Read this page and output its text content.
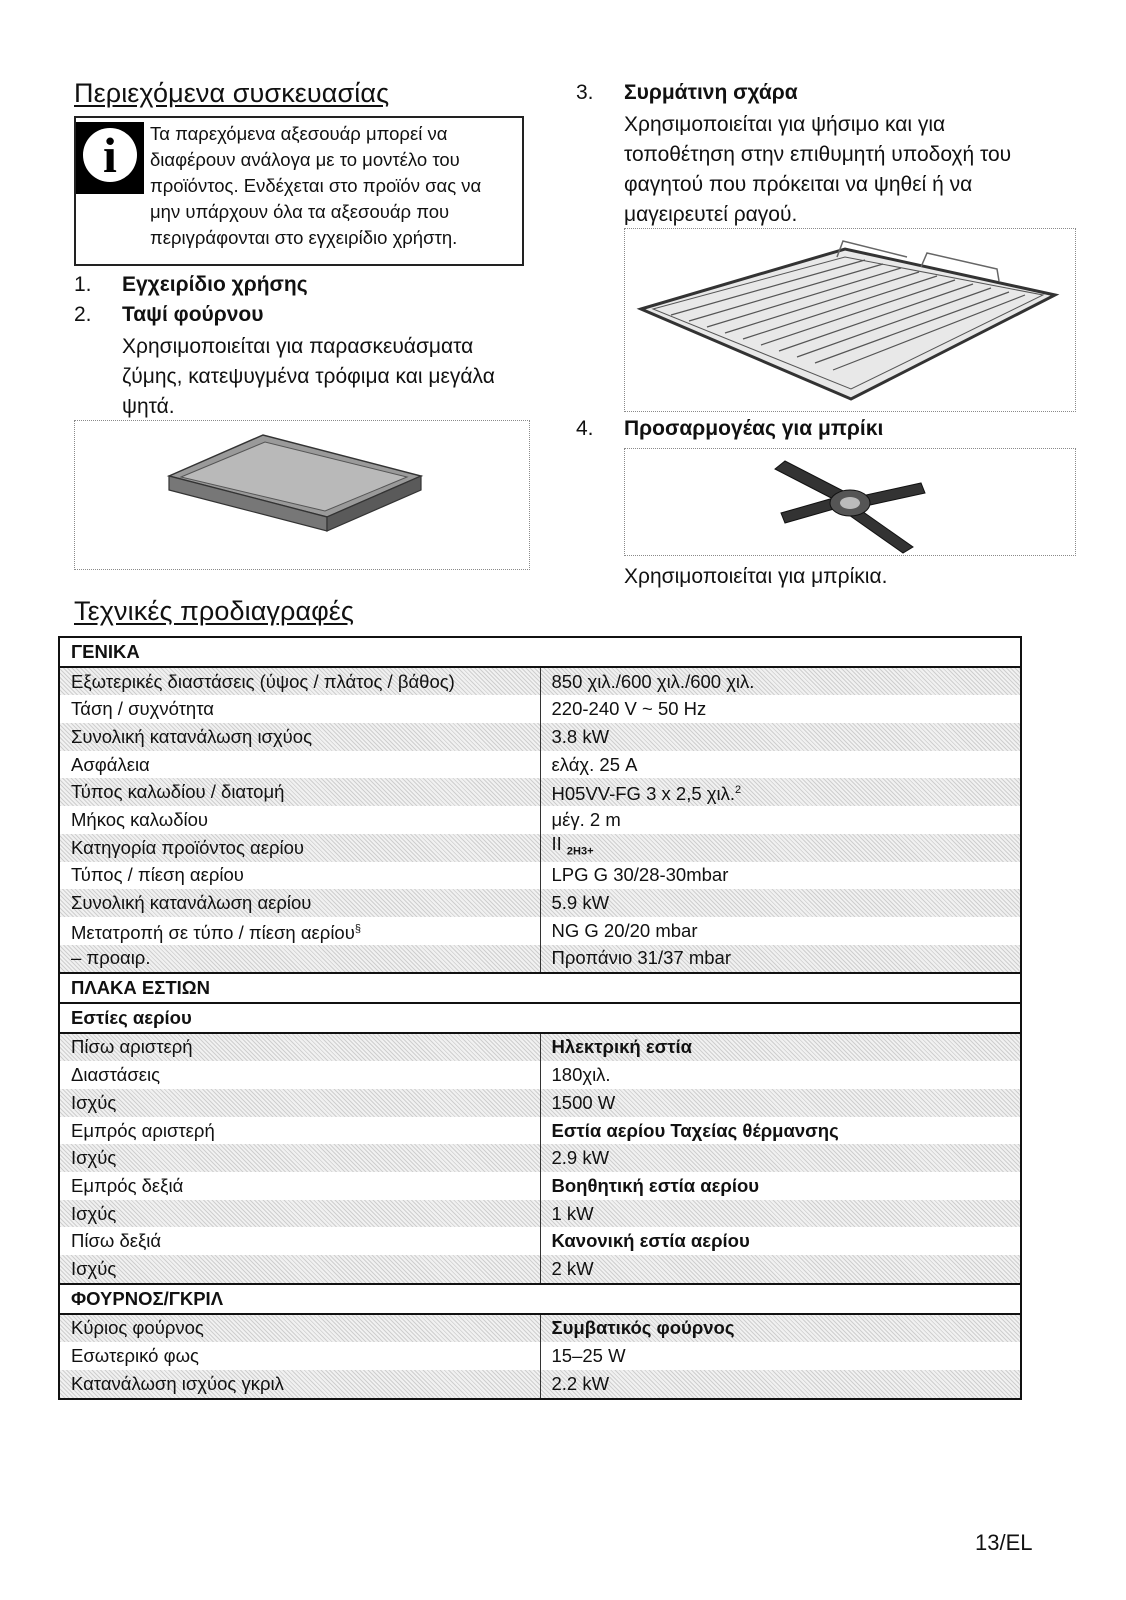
Περιεχόμενα συσκευασίας
i	Τα παρεχόμενα αξεσουάρ μπορεί να
διαφέρουν ανάλογα με το μοντέλο του
προϊόντος. Ενδέχεται στο προϊόν σας να
μην υπάρχουν όλα τα αξεσουάρ που
περιγράφονται στο εγχειρίδιο χρήστη.
1. Εγχειρίδιο χρήσης
2. Ταψί φούρνου
Χρησιμοποιείται για παρασκευάσματα
ζύμης, κατεψυγμένα τρόφιμα και μεγάλα
ψητά.
3. Συρμάτινη σχάρα
Χρησιμοποιείται για ψήσιμο και για
τοποθέτηση στην επιθυμητή υποδοχή του
φαγητού που πρόκειται να ψηθεί ή να
μαγειρευτεί ραγού.
4. Προσαρμογέας για μπρίκι
Χρησιμοποιείται για μπρίκια.
Τεχνικές προδιαγραφές
ΓΕΝΙΚΑ	
Εξωτερικές διαστάσεις (ύψος / πλάτος / βάθος)	850 χιλ./600 χιλ./600 χιλ.
Τάση / συχνότητα	220-240 V ~ 50 Hz
Συνολική κατανάλωση ισχύος	3.8 kW
Ασφάλεια	ελάχ. 25 A
Τύπος καλωδίου / διατομή	H05VV-FG 3 x 2,5 χιλ.$^2$
Μήκος καλωδίου	μέγ. 2 m
Κατηγορία προϊόντος αερίου	II $_{2H3+}$
Τύπος / πίεση αερίου	LPG G 30/28-30mbar
Συνολική κατανάλωση αερίου	5.9 kW
Μετατροπή σε τύπο / πίεση αερίου§	NG G 20/20 mbar
– προαιρ.	Προπάνιο 31/37 mbar
ΠΛΑΚΑ ΕΣΤΙΩΝ	
Εστίες αερίου	
Πίσω αριστερή	Ηλεκτρική εστία
Διαστάσεις	180χιλ.
Ισχύς	1500 W
Εμπρός αριστερή	Εστία αερίου Ταχείας θέρμανσης
Ισχύς	2.9 kW
Εμπρός δεξιά	Βοηθητική εστία αερίου
Ισχύς	1 kW
Πίσω δεξιά	Κανονική εστία αερίου
Ισχύς	2 kW
ΦΟΥΡΝΟΣ/ΓΚΡΙΛ	
Κύριος φούρνος	Συμβατικός φούρνος
Εσωτερικό φως	15–25 W
Κατανάλωση ισχύος γκριλ	2.2 kW
13/EL
